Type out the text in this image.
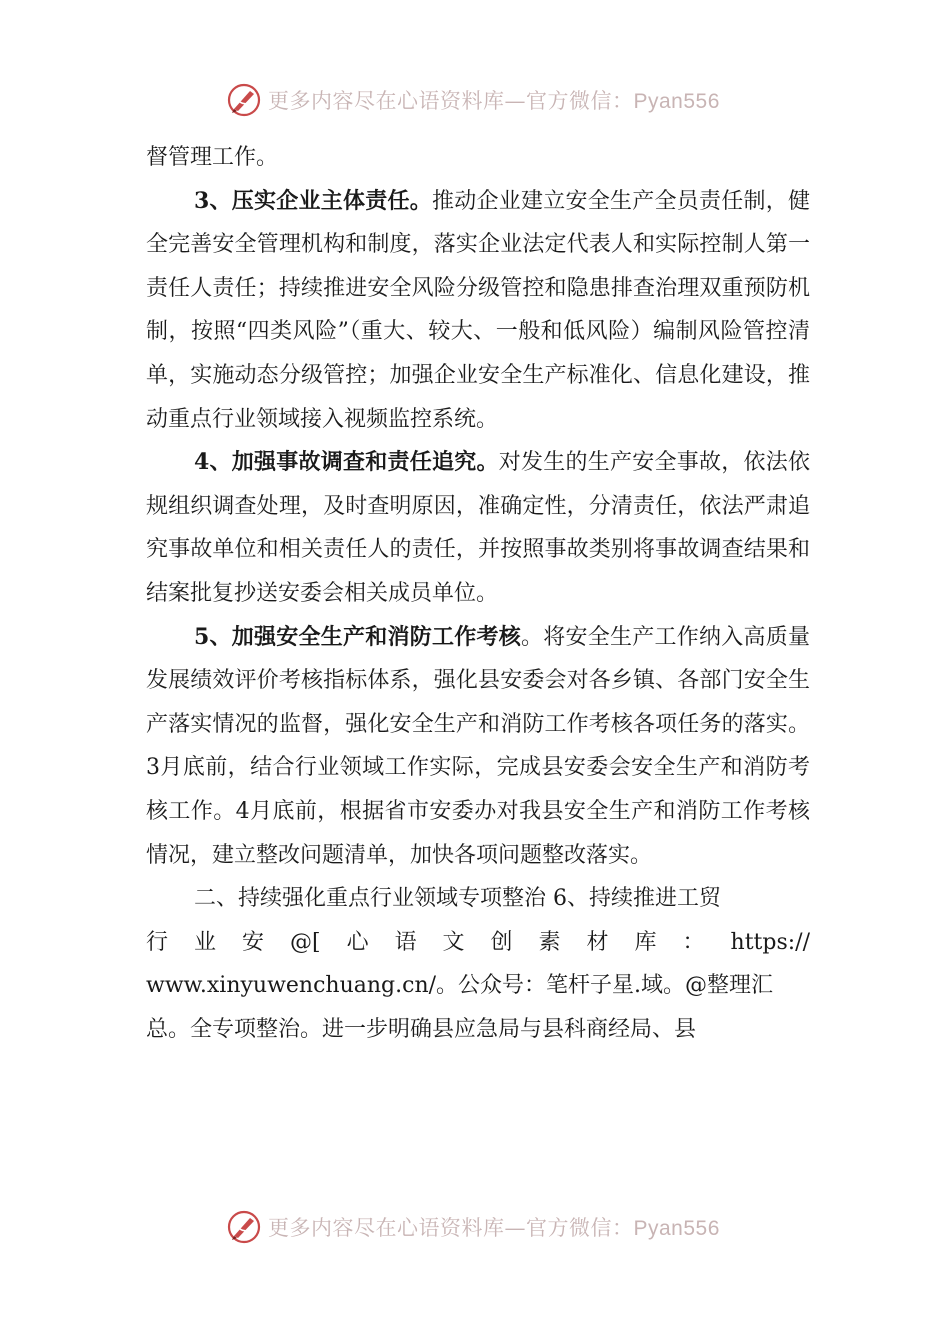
更多内容尽在心语资料库—官方微信：Pyan556

督管理工作。

3、压实企业主体责任。推动企业建立安全生产全员责任制，健全完善安全管理机构和制度，落实企业法定代表人和实际控制人第一责任人责任；持续推进安全风险分级管控和隐患排查治理双重预防机制，按照“四类风险”（重大、较大、一般和低风险）编制风险管控清单，实施动态分级管控；加强企业安全生产标准化、信息化建设，推动重点行业领域接入视频监控系统。

4、加强事故调查和责任追究。对发生的生产安全事故，依法依规组织调查处理，及时查明原因，准确定性，分清责任，依法严肃追究事故单位和相关责任人的责任，并按照事故类别将事故调查结果和结案批复抄送安委会相关成员单位。

5、加强安全生产和消防工作考核。将安全生产工作纳入高质量发展绩效评价考核指标体系，强化县安委会对各乡镇、各部门安全生产落实情况的监督，强化安全生产和消防工作考核各项任务的落实。3月底前，结合行业领域工作实际，完成县安委会安全生产和消防考核工作。4月底前，根据省市安委办对我县安全生产和消防工作考核情况，建立整改问题清单，加快各项问题整改落实。

二、持续强化重点行业领域专项整治 6、持续推进工贸

行业安@[心语文创素材库：https://

www.xinyuwenchuang.cn/。公众号：笔杆子星.域。@整理汇

总。全专项整治。进一步明确县应急局与县科商经局、县

更多内容尽在心语资料库—官方微信：Pyan556
